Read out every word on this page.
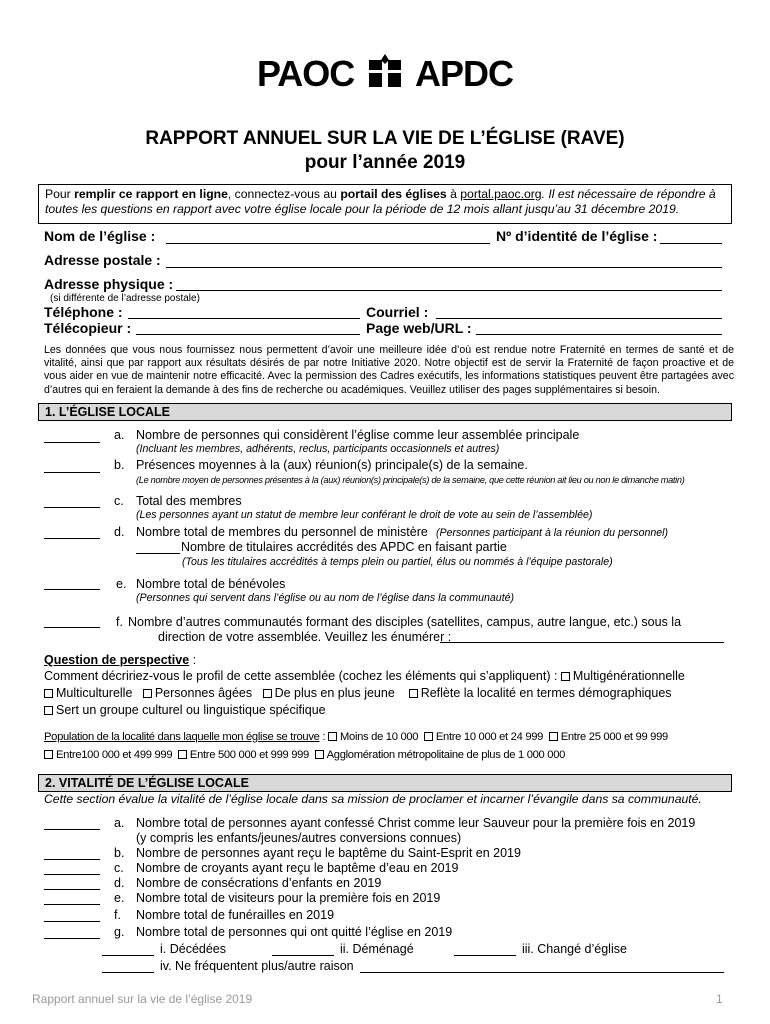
PAOC APDC
RAPPORT ANNUEL SUR LA VIE DE L’ÉGLISE (RAVE)
pour l’année 2019
Pour remplir ce rapport en ligne, connectez-vous au portail des églises à portal.paoc.org. Il est nécessaire de répondre à toutes les questions en rapport avec votre église locale pour la période de 12 mois allant jusqu’au 31 décembre 2019.
Nom de l’église :	Nº d’identité de l’église :
Adresse postale :
Adresse physique :
(si différente de l’adresse postale)
Téléphone :	Courriel :
Télécopieur :	Page web/URL :
Les données que vous nous fournissez nous permettent d’avoir une meilleure idée d’où est rendue notre Fraternité en termes de santé et de vitalité, ainsi que par rapport aux résultats désirés de par notre Initiative 2020. Notre objectif est de servir la Fraternité de façon proactive et de vous aider en vue de maintenir notre efficacité. Avec la permission des Cadres exécutifs, les informations statistiques peuvent être partagées avec d’autres qui en feraient la demande à des fins de recherche ou académiques. Veuillez utiliser des pages supplémentaires si besoin.
1. L’ÉGLISE LOCALE
a. Nombre de personnes qui considèrent l’église comme leur assemblée principale
(Incluant les membres, adhérents, reclus, participants occasionnels et autres)
b. Présences moyennes à la (aux) réunion(s) principale(s) de la semaine.
(Le nombre moyen de personnes présentes à la (aux) réunion(s) principale(s) de la semaine, que cette réunion ait lieu ou non le dimanche matin)
c. Total des membres
(Les personnes ayant un statut de membre leur conférant le droit de vote au sein de l’assemblée)
d. Nombre total de membres du personnel de ministère (Personnes participant à la réunion du personnel)
Nombre de titulaires accrédités des APDC en faisant partie
(Tous les titulaires accrédités à temps plein ou partiel, élus ou nommés à l’équipe pastorale)
e. Nombre total de bénévoles
(Personnes qui servent dans l’église ou au nom de l’église dans la communauté)
f. Nombre d’autres communautés formant des disciples (satellites, campus, autre langue, etc.) sous la
direction de votre assemblée. Veuillez les énumérer :
Question de perspective :
Comment décririez-vous le profil de cette assemblée (cochez les éléments qui s’appliquent) : Multigénérationnelle
Multiculturelle Personnes âgées De plus en plus jeune Reflète la localité en termes démographiques
Sert un groupe culturel ou linguistique spécifique
Population de la localité dans laquelle mon église se trouve : Moins de 10 000 Entre 10 000 et 24 999 Entre 25 000 et 99 999
Entre100 000 et 499 999 Entre 500 000 et 999 999 Agglomération métropolitaine de plus de 1 000 000
2. VITALITÉ DE L’ÉGLISE LOCALE
Cette section évalue la vitalité de l’église locale dans sa mission de proclamer et incarner l’évangile dans sa communauté.
a. Nombre total de personnes ayant confessé Christ comme leur Sauveur pour la première fois en 2019
(y compris les enfants/jeunes/autres conversions connues)
b. Nombre de personnes ayant reçu le baptême du Saint-Esprit en 2019
c. Nombre de croyants ayant reçu le baptême d’eau en 2019
d. Nombre de consécrations d’enfants en 2019
e. Nombre total de visiteurs pour la première fois en 2019
f. Nombre total de funérailles en 2019
g. Nombre total de personnes qui ont quitté l’église en 2019
i. Décédées	ii. Déménagé	iii. Changé d’église
iv. Ne fréquentent plus/autre raison
Rapport annuel sur la vie de l’église 2019	1
